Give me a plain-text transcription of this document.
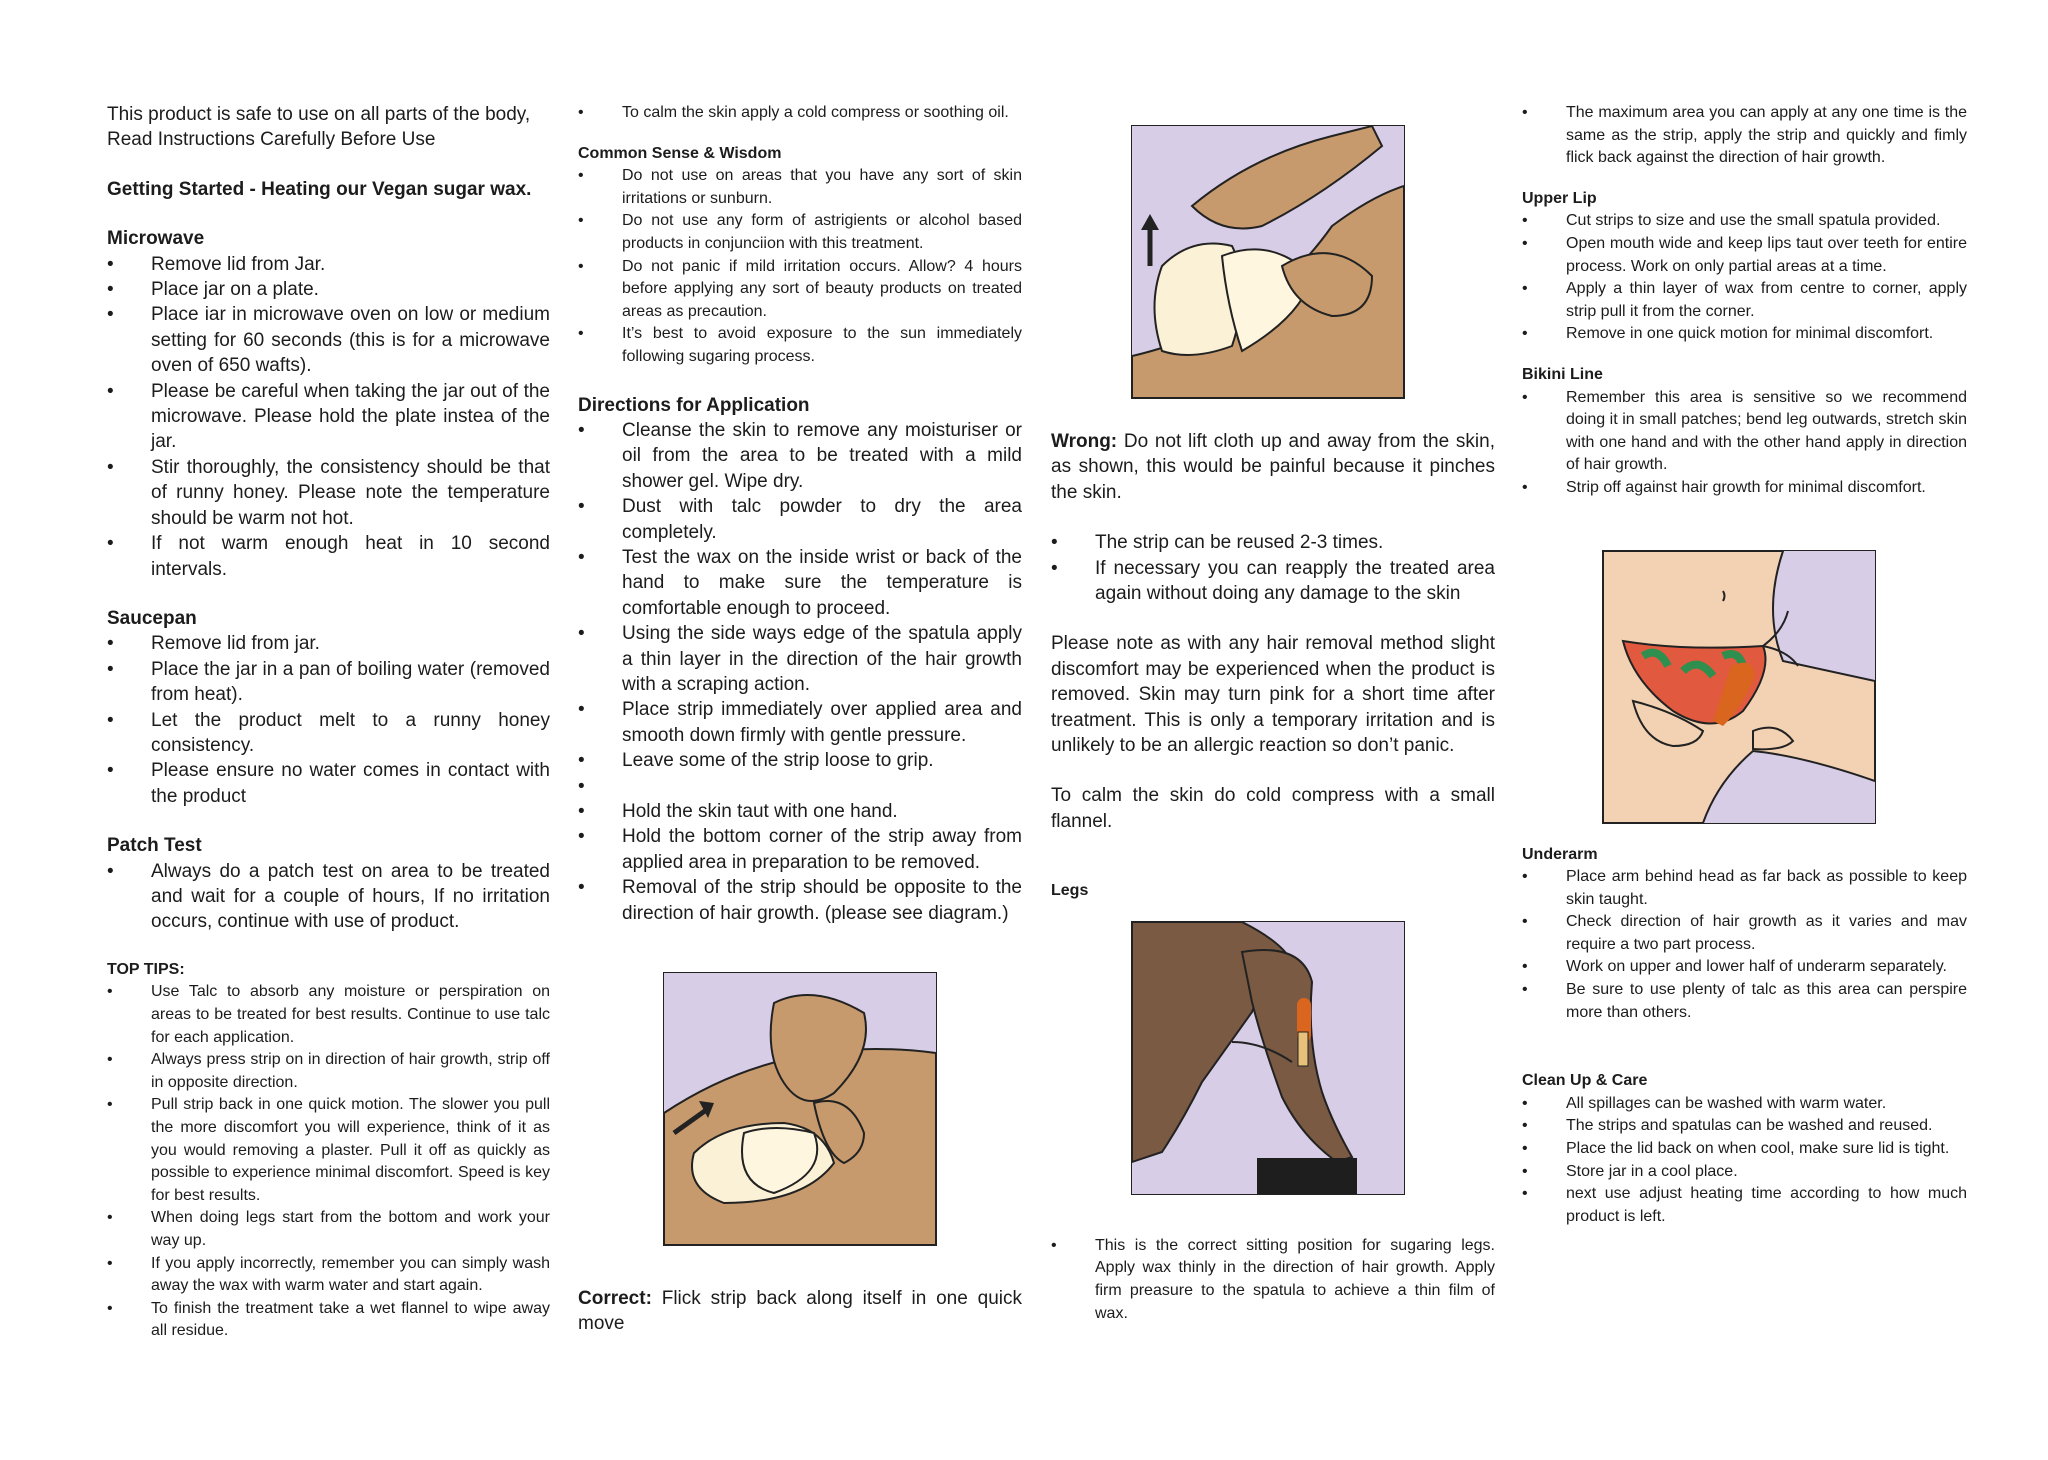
This product is safe to use on all parts of the body,

Read Instructions Carefully Before Use

Getting Started - Heating our Vegan sugar wax.

Microwave

• Remove lid from Jar.
• Place jar on a plate.
• Place iar in microwave oven on low or medium setting for 60 seconds (this is for a microwave oven of 650 wafts).
• Please be careful when taking the jar out of the microwave. Please hold the plate instea of the jar.
• Stir thoroughly, the consistency should be that of runny honey. Please note the temperature should be warm not hot.
• If not warm enough heat in 10 second intervals.

Saucepan

• Remove lid from jar.
• Place the jar in a pan of boiling water (removed from heat).
• Let the product melt to a runny honey consistency.
• Please ensure no water comes in contact with the product

Patch Test

• Always do a patch test on area to be treated and wait for a couple of hours, If no irritation occurs, continue with use of product.

TOP TIPS:

• Use Talc to absorb any moisture or perspiration on areas to be treated for best results. Continue to use talc for each application.
• Always press strip on in direction of hair growth, strip off in opposite direction.
• Pull strip back in one quick motion. The slower you pull the more discomfort you will experience, think of it as you would removing a plaster. Pull it off as quickly as possible to experience minimal discomfort. Speed is key for best results.
• When doing legs start from the bottom and work your way up.
• If you apply incorrectly, remember you can simply wash away the wax with warm water and start again.
• To finish the treatment take a wet flannel to wipe away all residue.
• To calm the skin apply a cold compress or soothing oil.

Common Sense & Wisdom

• Do not use on areas that you have any sort of skin irritations or sunburn.
• Do not use any form of astrigients or alcohol based products in conjunciion with this treatment.
• Do not panic if mild irritation occurs. Allow? 4 hours before applying any sort of beauty products on treated areas as precaution.
• It’s best to avoid exposure to the sun immediately following sugaring process.

Directions for Application

• Cleanse the skin to remove any moisturiser or oil from the area to be treated with a mild shower gel. Wipe dry.
• Dust with talc powder to dry the area completely.
• Test the wax on the inside wrist or back of the hand to make sure the temperature is comfortable enough to proceed.
• Using the side ways edge of the spatula apply a thin layer in the direction of the hair growth with a scraping action.
• Place strip immediately over applied area and smooth down firmly with gentle pressure.
• Leave some of the strip loose to grip.
•
• Hold the skin taut with one hand.
• Hold the bottom corner of the strip away from applied area in preparation to be removed.
• Removal of the strip should be opposite to the direction of hair growth. (please see diagram.)

Correct: Flick strip back along itself in one quick move

Wrong: Do not lift cloth up and away from the skin, as shown, this would be painful because it pinches the skin.

• The strip can be reused 2-3 times.
• If necessary you can reapply the treated area again without doing any damage to the skin

Please note as with any hair removal method slight discomfort may be experienced when the product is removed. Skin may turn pink for a short time after treatment. This is only a temporary irritation and is unlikely to be an allergic reaction so don’t panic.

To calm the skin do cold compress with a small flannel.

Legs

• This is the correct sitting position for sugaring legs. Apply wax thinly in the direction of hair growth. Apply firm preasure to the spatula to achieve a thin film of wax.
• The maximum area you can apply at any one time is the same as the strip, apply the strip and quickly and fimly flick back against the direction of hair growth.

Upper Lip

• Cut strips to size and use the small spatula provided.
• Open mouth wide and keep lips taut over teeth for entire process. Work on only partial areas at a time.
• Apply a thin layer of wax from centre to corner, apply strip pull it from the corner.
• Remove in one quick motion for minimal discomfort.

Bikini Line

• Remember this area is sensitive so we recommend doing it in small patches; bend leg outwards, stretch skin with one hand and with the other hand apply in direction of hair growth.
• Strip off against hair growth for minimal discomfort.

Underarm

• Place arm behind head as far back as possible to keep skin taught.
• Check direction of hair growth as it varies and mav require a two part process.
• Work on upper and lower half of underarm separately.
• Be sure to use plenty of talc as this area can perspire more than others.

Clean Up & Care

• All spillages can be washed with warm water.
• The strips and spatulas can be washed and reused.
• Place the lid back on when cool, make sure lid is tight.
• Store jar in a cool place.
• next use adjust heating time according to how much product is left.
